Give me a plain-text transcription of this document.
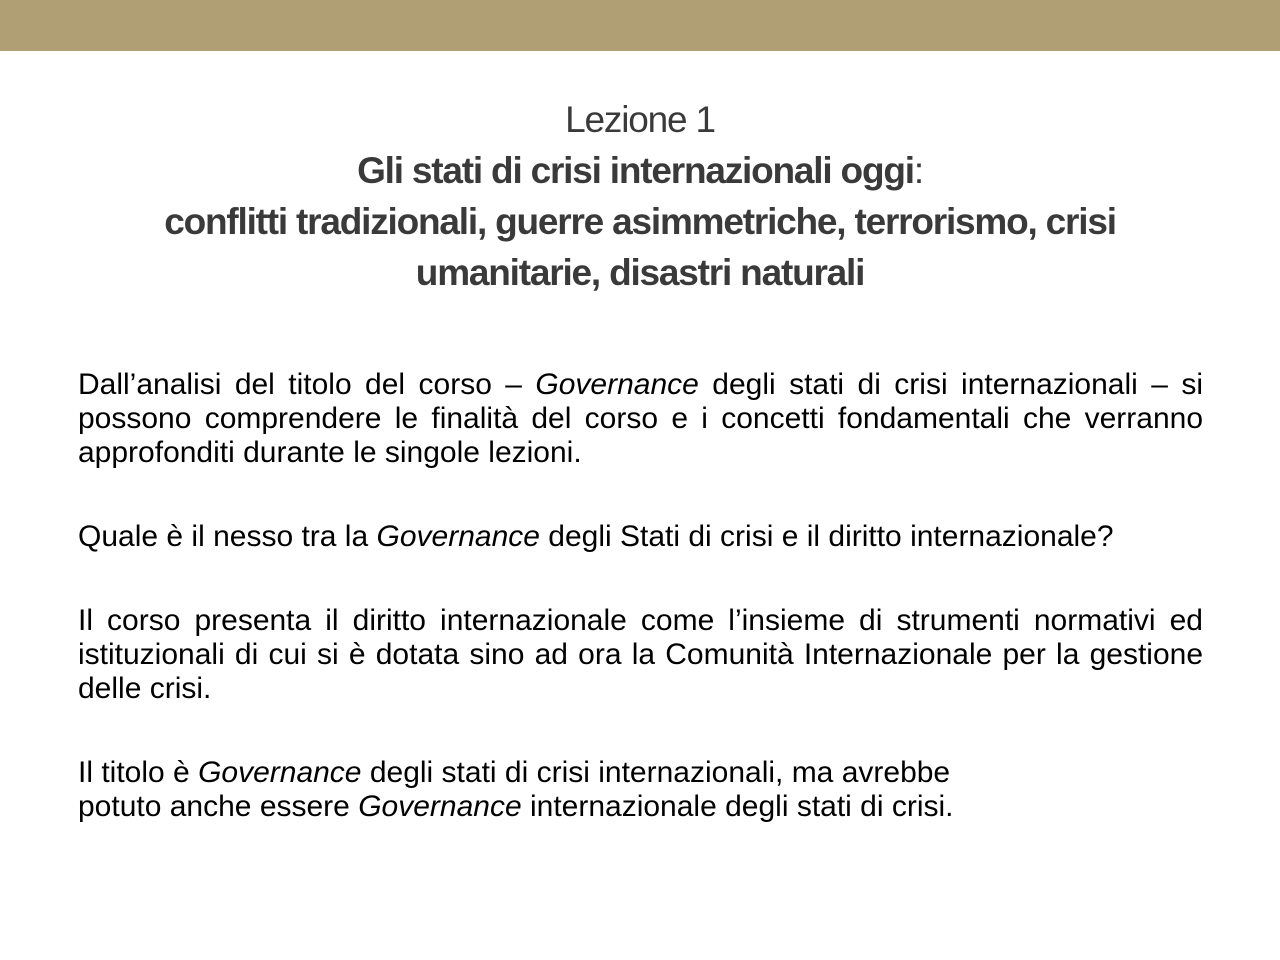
Lezione 1
Gli stati di crisi internazionali oggi:
conflitti tradizionali, guerre asimmetriche, terrorismo, crisi
umanitarie, disastri naturali

Dall’analisi del titolo del corso – Governance degli stati di crisi internazionali – si possono comprendere le finalità del corso e i concetti fondamentali che verranno approfonditi durante le singole lezioni.

Quale è il nesso tra la Governance degli Stati di crisi e il diritto internazionale?

Il corso presenta il diritto internazionale come l’insieme di strumenti normativi ed istituzionali di cui si è dotata sino ad ora la Comunità Internazionale per la gestione delle crisi.

Il titolo è Governance degli stati di crisi internazionali, ma avrebbe
potuto anche essere Governance internazionale degli stati di crisi.
